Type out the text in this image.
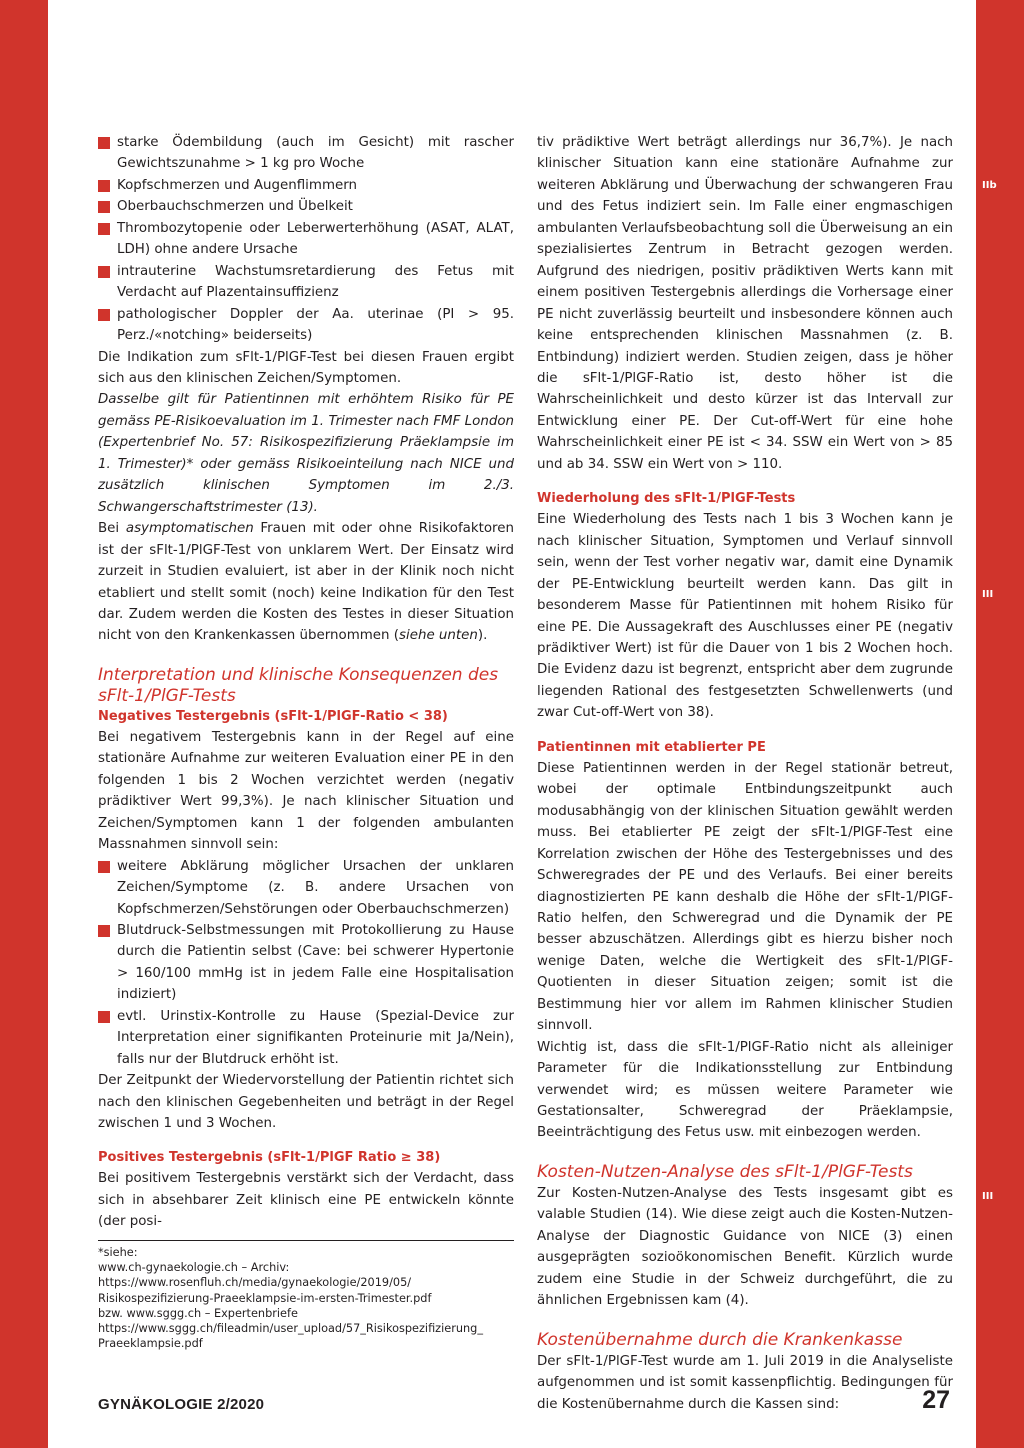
IIb
IIa
III
IIb
III
starke Ödembildung (auch im Gesicht) mit rascher Gewichtszunahme > 1 kg pro Woche
Kopfschmerzen und Augenflimmern
Oberbauchschmerzen und Übelkeit
Thrombozytopenie oder Leberwerterhöhung (ASAT, ALAT, LDH) ohne andere Ursache
intrauterine Wachstumsretardierung des Fetus mit Verdacht auf Plazentainsuffizienz
pathologischer Doppler der Aa. uterinae (PI > 95. Perz./«notching» beiderseits)

Die Indikation zum sFlt-1/PlGF-Test bei diesen Frauen ergibt sich aus den klinischen Zeichen/Symptomen.

Dasselbe gilt für Patientinnen mit erhöhtem Risiko für PE gemäss PE-Risikoevaluation im 1. Trimester nach FMF London (Expertenbrief No. 57: Risikospezifizierung Präeklampsie im 1. Trimester)* oder gemäss Risikoeinteilung nach NICE und zusätzlich klinischen Symptomen im 2./3. Schwangerschaftstrimester (13).

Bei asymptomatischen Frauen mit oder ohne Risikofaktoren ist der sFlt-1/PlGF-Test von unklarem Wert. Der Einsatz wird zurzeit in Studien evaluiert, ist aber in der Klinik noch nicht etabliert und stellt somit (noch) keine Indikation für den Test dar. Zudem werden die Kosten des Testes in dieser Situation nicht von den Krankenkassen übernommen (siehe unten).

Interpretation und klinische Konsequenzen des sFlt-1/PlGF-Tests
Negatives Testergebnis (sFlt-1/PlGF-Ratio < 38)

Bei negativem Testergebnis kann in der Regel auf eine stationäre Aufnahme zur weiteren Evaluation einer PE in den folgenden 1 bis 2 Wochen verzichtet werden (negativ prädiktiver Wert 99,3%). Je nach klinischer Situation und Zeichen/Symptomen kann 1 der folgenden ambulanten Massnahmen sinnvoll sein:

weitere Abklärung möglicher Ursachen der unklaren Zeichen/Symptome (z. B. andere Ursachen von Kopfschmerzen/Sehstörungen oder Oberbauchschmerzen)
Blutdruck-Selbstmessungen mit Protokollierung zu Hause durch die Patientin selbst (Cave: bei schwerer Hypertonie > 160/100 mmHg ist in jedem Falle eine Hospitalisation indiziert)
evtl. Urinstix-Kontrolle zu Hause (Spezial-Device zur Interpretation einer signifikanten Proteinurie mit Ja/Nein), falls nur der Blutdruck erhöht ist.

Der Zeitpunkt der Wiedervorstellung der Patientin richtet sich nach den klinischen Gegebenheiten und beträgt in der Regel zwischen 1 und 3 Wochen.

Positives Testergebnis (sFlt-1/PlGF Ratio ≥ 38)

Bei positivem Testergebnis verstärkt sich der Verdacht, dass sich in absehbarer Zeit klinisch eine PE entwickeln könnte (der posi-

tiv prädiktive Wert beträgt allerdings nur 36,7%). Je nach klinischer Situation kann eine stationäre Aufnahme zur weiteren Abklärung und Überwachung der schwangeren Frau und des Fetus indiziert sein. Im Falle einer engmaschigen ambulanten Verlaufsbeobachtung soll die Überweisung an ein spezialisiertes Zentrum in Betracht gezogen werden. Aufgrund des niedrigen, positiv prädiktiven Werts kann mit einem positiven Testergebnis allerdings die Vorhersage einer PE nicht zuverlässig beurteilt und insbesondere können auch keine entsprechenden klinischen Massnahmen (z. B. Entbindung) indiziert werden. Studien zeigen, dass je höher die sFlt-1/PlGF-Ratio ist, desto höher ist die Wahrscheinlichkeit und desto kürzer ist das Intervall zur Entwicklung einer PE. Der Cut-off-Wert für eine hohe Wahrscheinlichkeit einer PE ist < 34. SSW ein Wert von > 85 und ab 34. SSW ein Wert von > 110.

Wiederholung des sFlt-1/PlGF-Tests

Eine Wiederholung des Tests nach 1 bis 3 Wochen kann je nach klinischer Situation, Symptomen und Verlauf sinnvoll sein, wenn der Test vorher negativ war, damit eine Dynamik der PE-Entwicklung beurteilt werden kann. Das gilt in besonderem Masse für Patientinnen mit hohem Risiko für eine PE. Die Aussagekraft des Auschlusses einer PE (negativ prädiktiver Wert) ist für die Dauer von 1 bis 2 Wochen hoch. Die Evidenz dazu ist begrenzt, entspricht aber dem zugrunde liegenden Rational des festgesetzten Schwellenwerts (und zwar Cut-off-Wert von 38).

Patientinnen mit etablierter PE

Diese Patientinnen werden in der Regel stationär betreut, wobei der optimale Entbindungszeitpunkt auch modusabhängig von der klinischen Situation gewählt werden muss. Bei etablierter PE zeigt der sFlt-1/PlGF-Test eine Korrelation zwischen der Höhe des Testergebnisses und des Schweregrades der PE und des Verlaufs. Bei einer bereits diagnostizierten PE kann deshalb die Höhe der sFlt-1/PlGF-Ratio helfen, den Schweregrad und die Dynamik der PE besser abzuschätzen. Allerdings gibt es hierzu bisher noch wenige Daten, welche die Wertigkeit des sFlt-1/PlGF-Quotienten in dieser Situation zeigen; somit ist die Bestimmung hier vor allem im Rahmen klinischer Studien sinnvoll.

Wichtig ist, dass die sFlt-1/PlGF-Ratio nicht als alleiniger Parameter für die Indikationsstellung zur Entbindung verwendet wird; es müssen weitere Parameter wie Gestationsalter, Schweregrad der Präeklampsie, Beeinträchtigung des Fetus usw. mit einbezogen werden.

Kosten-Nutzen-Analyse des sFlt-1/PlGF-Tests

Zur Kosten-Nutzen-Analyse des Tests insgesamt gibt es valable Studien (14). Wie diese zeigt auch die Kosten-Nutzen-Analyse der Diagnostic Guidance von NICE (3) einen ausgeprägten sozioökonomischen Benefit. Kürzlich wurde zudem eine Studie in der Schweiz durchgeführt, die zu ähnlichen Ergebnissen kam (4).

Kostenübernahme durch die Krankenkasse

Der sFlt-1/PlGF-Test wurde am 1. Juli 2019 in die Analyseliste aufgenommen und ist somit kassenpflichtig. Bedingungen für die Kostenübernahme durch die Kassen sind:

*siehe:
www.ch-gynaekologie.ch – Archiv:
https://www.rosenfluh.ch/media/gynaekologie/2019/05/
Risikospezifizierung-Praeeklampsie-im-ersten-Trimester.pdf
bzw. www.sggg.ch – Expertenbriefe
https://www.sggg.ch/fileadmin/user_upload/57_Risikospezifizierung_
Praeeklampsie.pdf
GYNÄKOLOGIE 2/2020	27
